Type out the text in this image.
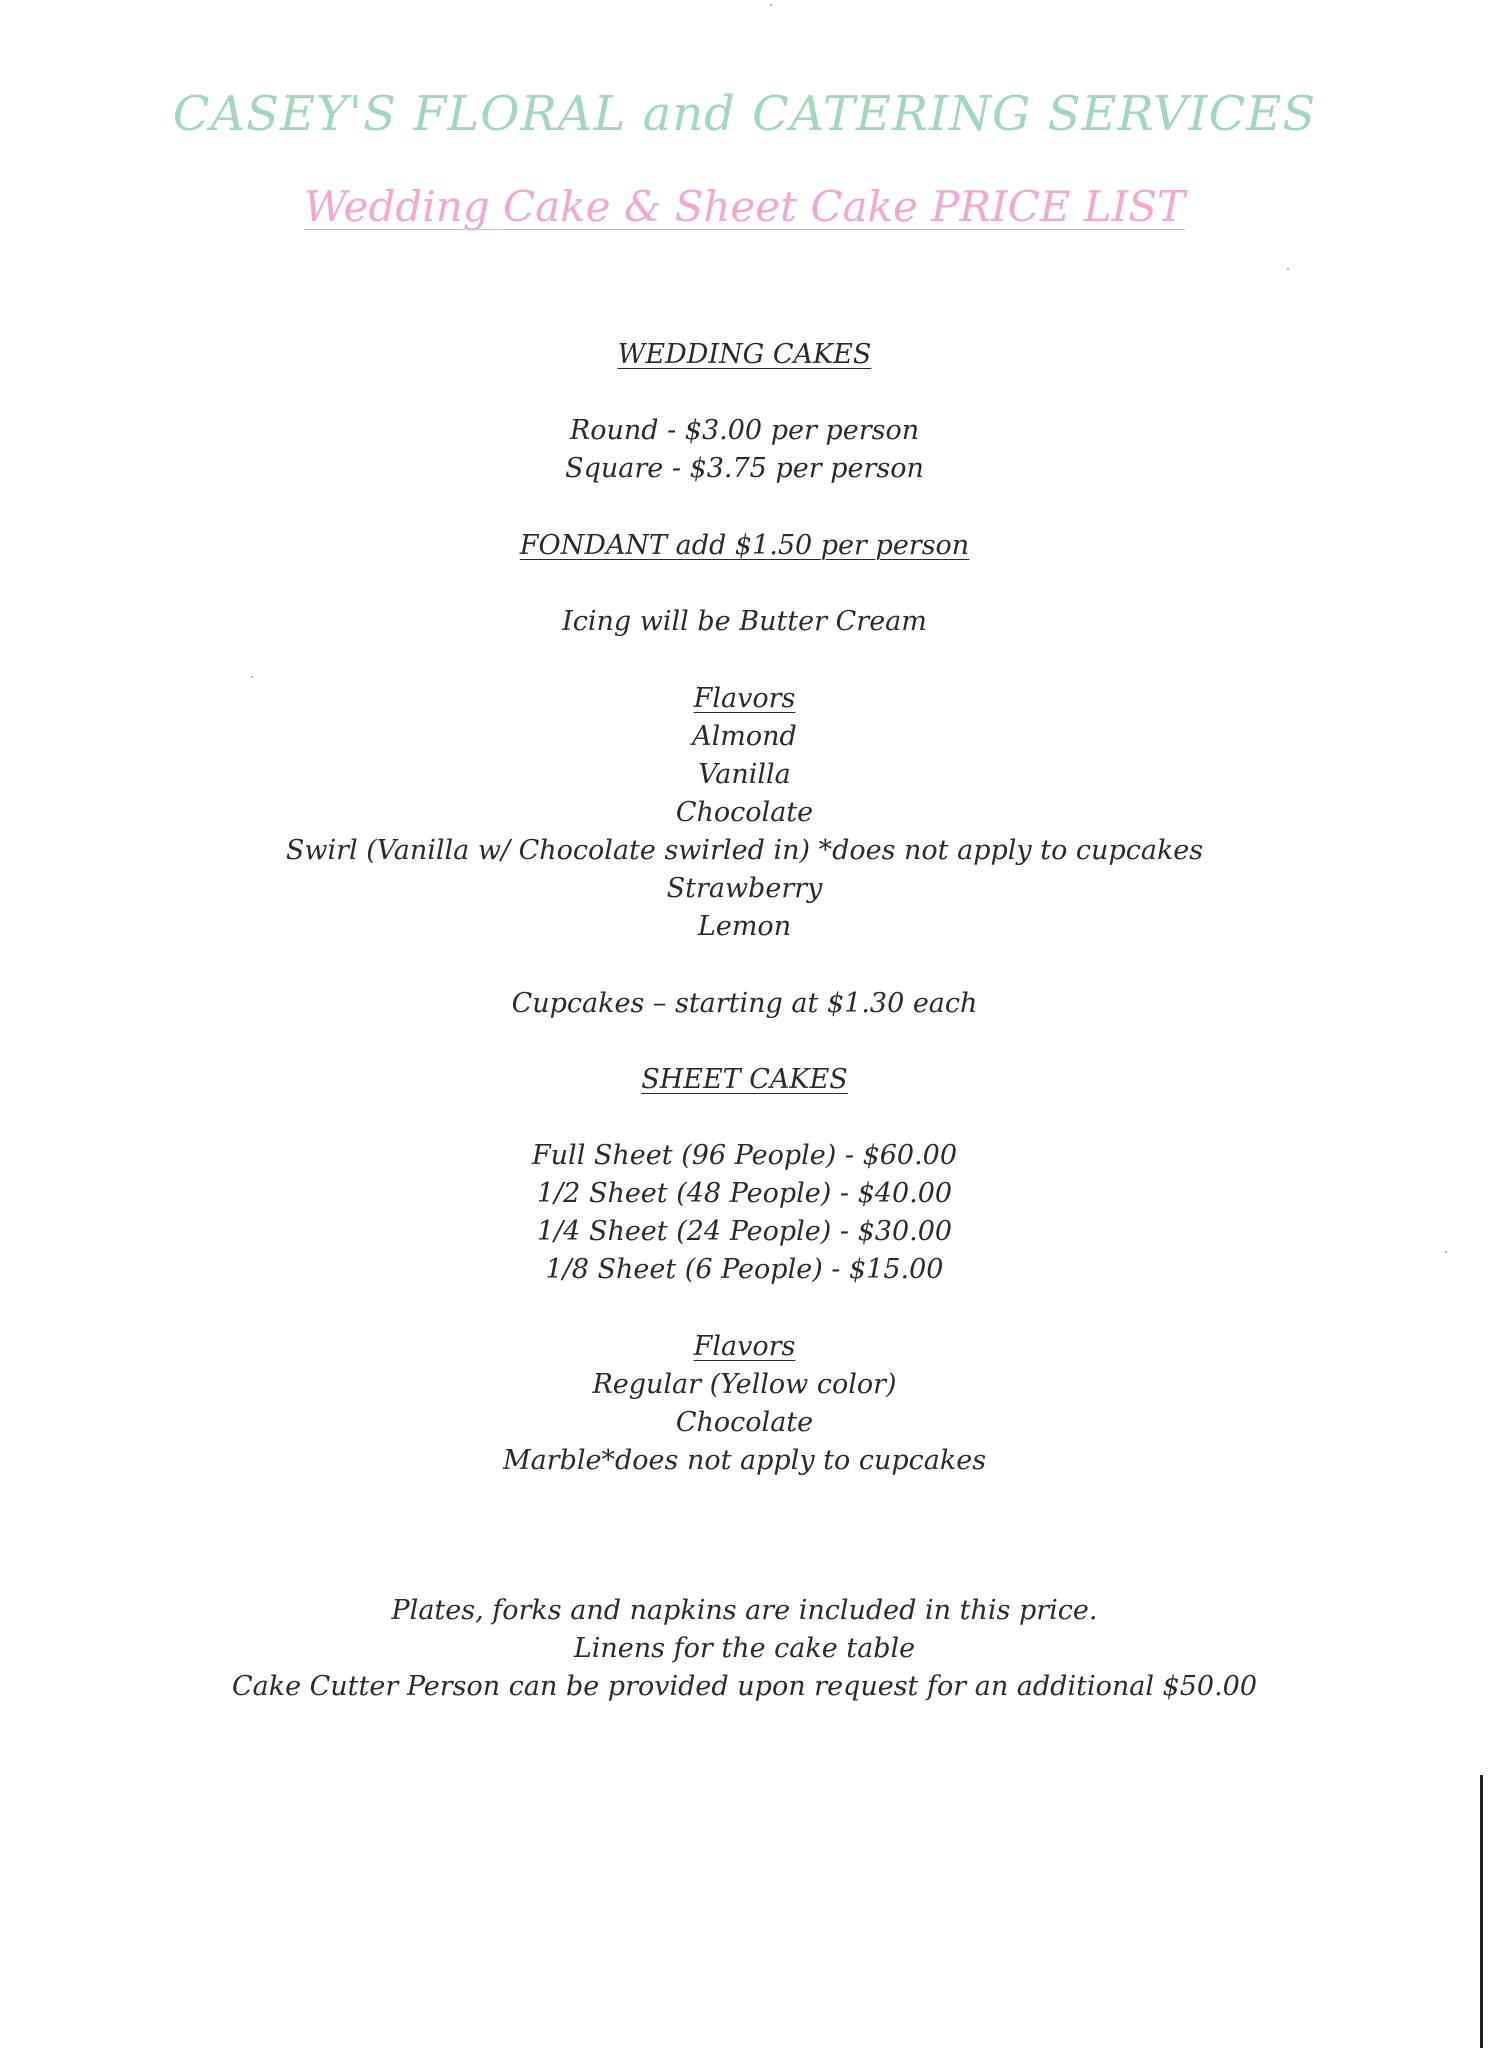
CASEY'S FLORAL and CATERING SERVICES
Wedding Cake & Sheet Cake PRICE LIST
WEDDING CAKES
Round - $3.00 per person
Square - $3.75 per person
FONDANT add $1.50 per person
Icing will be Butter Cream
Flavors
Almond
Vanilla
Chocolate
Swirl (Vanilla w/ Chocolate swirled in) *does not apply to cupcakes
Strawberry
Lemon
Cupcakes – starting at $1.30 each
SHEET CAKES
Full Sheet (96 People) - $60.00
1/2 Sheet (48 People) - $40.00
1/4 Sheet (24 People) - $30.00
1/8 Sheet (6 People) - $15.00
Flavors
Regular (Yellow color)
Chocolate
Marble*does not apply to cupcakes
Plates, forks and napkins are included in this price.
Linens for the cake table
Cake Cutter Person can be provided upon request for an additional $50.00
